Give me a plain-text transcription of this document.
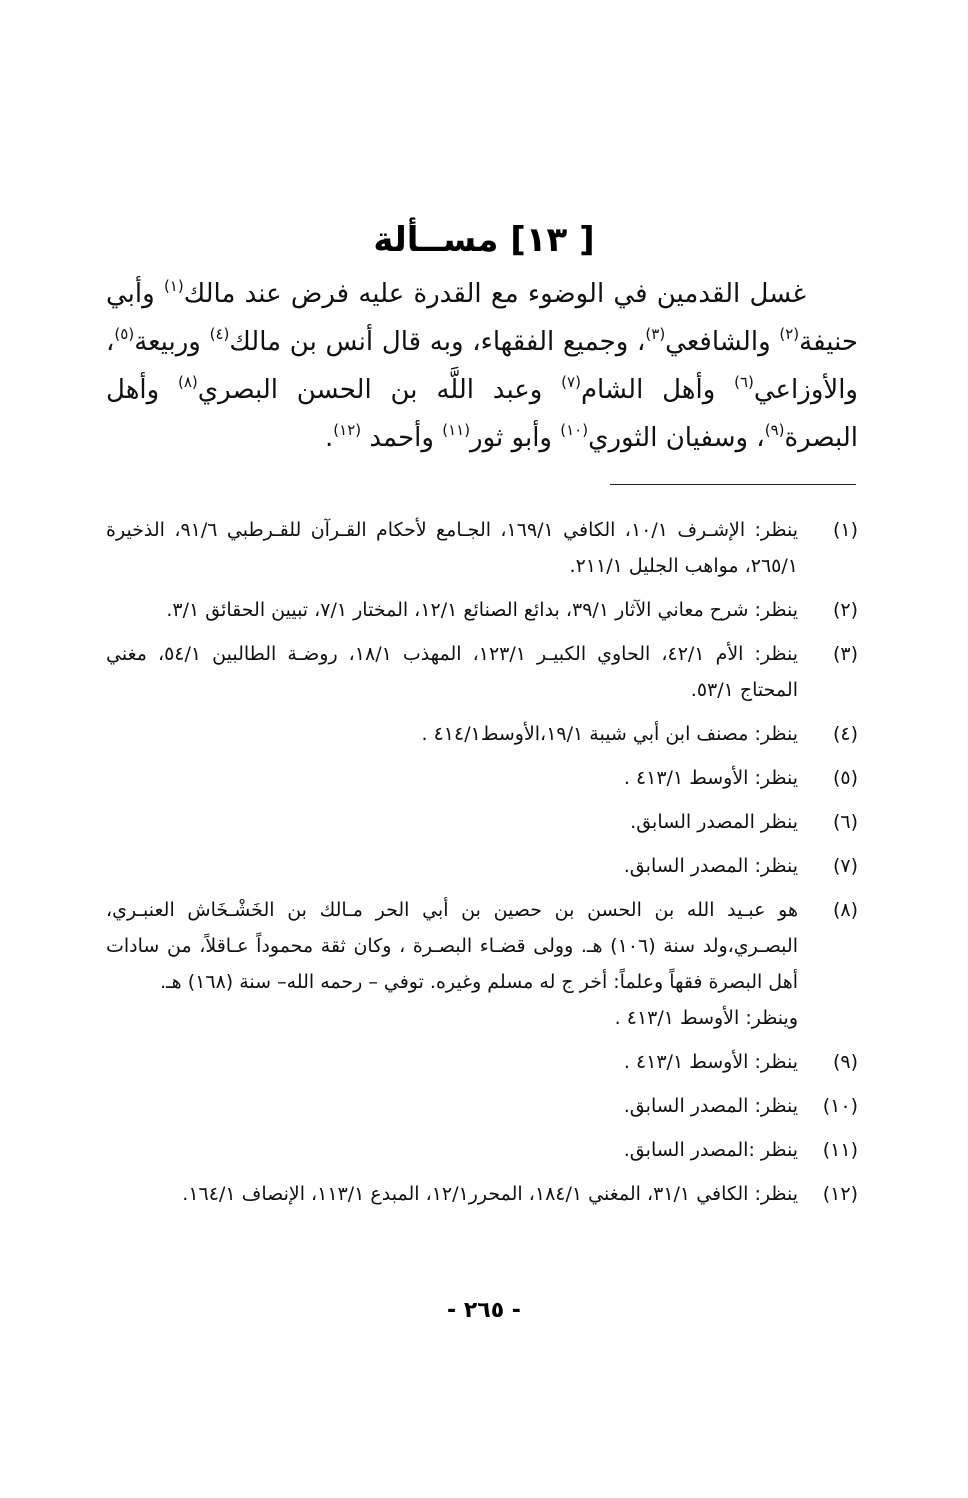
[ ١٣] مســألة

غسل القدمين في الوضوء مع القدرة عليه فرض عند مالك$^{(١)}$ وأبي حنيفة$^{(٢)}$ والشافعي$^{(٣)}$، وجميع الفقهاء، وبه قال أنس بن مالك$^{(٤)}$ وربيعة$^{(٥)}$، والأوزاعي$^{(٦)}$ وأهل الشام$^{(٧)}$ وعبد اللَّه بن الحسن البصري$^{(٨)}$ وأهل البصرة$^{(٩)}$، وسفيان الثوري$^{(١٠)}$ وأبو ثور$^{(١١)}$ وأحمد $^{(١٢)}$.

(١)
ينظر: الإشـرف ١٠/١، الكافي ١٦٩/١، الجـامع لأحكام القـرآن للقـرطبي ٩١/٦، الذخيرة ٢٦٥/١، مواهب الجليل ٢١١/١.
(٢)
ينظر: شرح معاني الآثار ٣٩/١، بدائع الصنائع ١٢/١، المختار ٧/١، تبيين الحقائق ٣/١.
(٣)
ينظر: الأم ٤٢/١، الحاوي الكبيـر ١٢٣/١، المهذب ١٨/١، روضـة الطالبين ٥٤/١، مغني المحتاج ٥٣/١.
(٤)
ينظر: مصنف ابن أبي شيبة ١٩/١،الأوسط٤١٤/١ .
(٥)
ينظر: الأوسط ٤١٣/١ .
(٦)
ينظر المصدر السابق.
(٧)
ينظر: المصدر السابق.
(٨)
هو عبـيد الله بن الحسن بن حصين بن أبي الحر مـالك بن الخَشْـخَاش العنبـري، البصـري،ولد سنة (١٠٦) هـ. وولى قضـاء البصـرة ، وكان ثقة محموداً عـاقلاً، من سادات أهل البصرة فقهاً وعلماً: أخر ج له مسلم وغيره. توفي – رحمه الله– سنة (١٦٨) هـ.
وينظر: الأوسط ٤١٣/١ .
(٩)
ينظر: الأوسط ٤١٣/١ .
(١٠)
ينظر: المصدر السابق.
(١١)
ينظر :المصدر السابق.
(١٢)
ينظر: الكافي ٣١/١، المغني ١٨٤/١، المحرر١٢/١، المبدع ١١٣/١، الإنصاف ١٦٤/١.
- ٢٦٥ -
